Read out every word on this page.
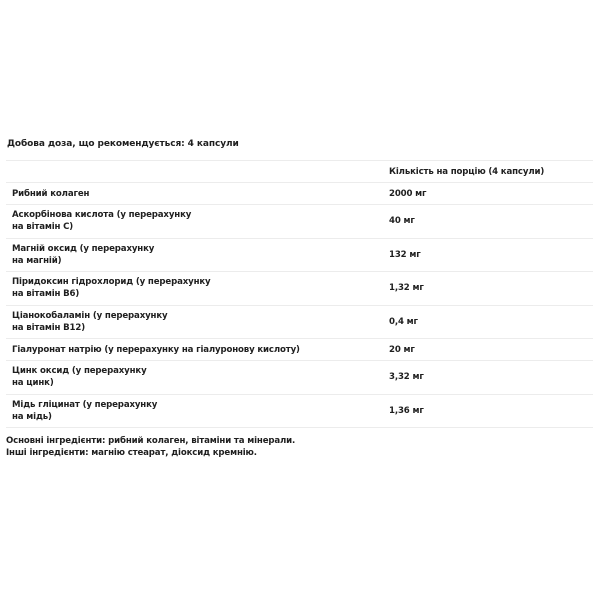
Добова доза, що рекомендується: 4 капсули
Кількість на порцію (4 капсули)
Рибний колаген	2000 мг
Аскорбінова кислота (у перерахунку
на вітамін С)
40 мг
Магній оксид (у перерахунку
на магній)
132 мг
Піридоксин гідрохлорид (у перерахунку
на вітамін В6)
1,32 мг
Ціанокобаламін (у перерахунку
на вітамін В12)
0,4 мг
Гіалуронат натрію (у перерахунку на гіалуронову кислоту)	20 мг
Цинк оксид (у перерахунку
на цинк)
3,32 мг
Мідь гліцинат (у перерахунку
на мідь)
1,36 мг
Основні інгредієнти: рибний колаген, вітаміни та мінерали.
Інші інгредієнти: магнію стеарат, діоксид кремнію.
